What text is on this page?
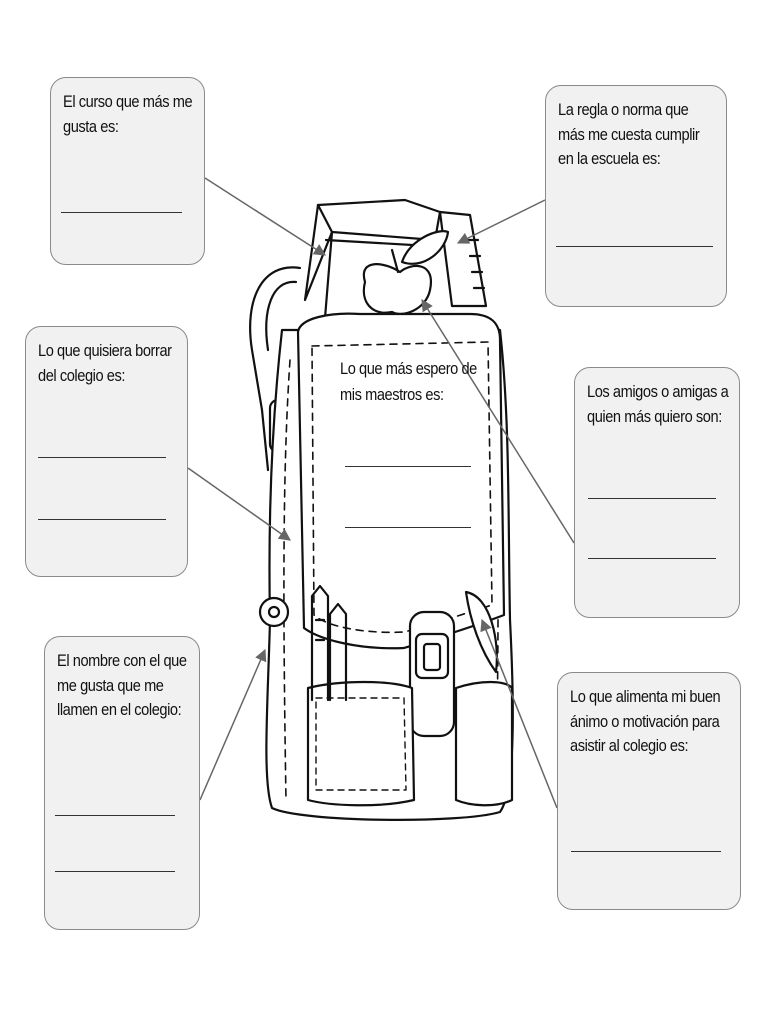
El curso que más me gusta es:
La regla o norma que más me cuesta cumplir en la escuela es:
Lo que quisiera borrar del colegio es:
Los amigos o amigas a quien más quiero son:
El nombre con el que me gusta que me llamen en el colegio:
Lo que alimenta mi buen ánimo o motivación para asistir al colegio es:
Lo que más espero de mis maestros es:
